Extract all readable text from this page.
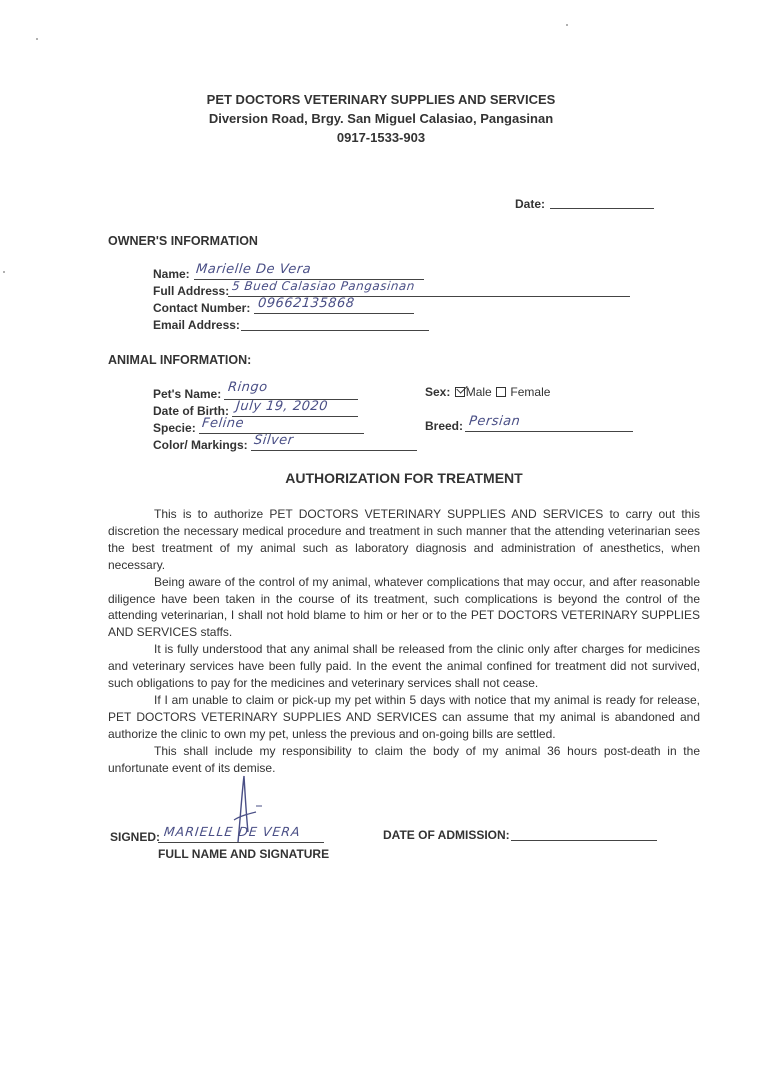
PET DOCTORS VETERINARY SUPPLIES AND SERVICES
Diversion Road, Brgy. San Miguel Calasiao, Pangasinan
0917-1533-903
Date:
OWNER'S INFORMATION
Name: Marielle De Vera
Full Address: 5 Bued Calasiao Pangasinan
Contact Number: 09662135868
Email Address:
ANIMAL INFORMATION:
Pet's Name: Ringo
Date of Birth: July 19, 2020
Specie: Feline
Color/ Markings: Silver
Sex: Male Female
Breed: Persian
AUTHORIZATION FOR TREATMENT

This is to authorize PET DOCTORS VETERINARY SUPPLIES AND SERVICES to carry out this discretion the necessary medical procedure and treatment in such manner that the attending veterinarian sees the best treatment of my animal such as laboratory diagnosis and administration of anesthetics, when necessary.

Being aware of the control of my animal, whatever complications that may occur, and after reasonable diligence have been taken in the course of its treatment, such complications is beyond the control of the attending veterinarian, I shall not hold blame to him or her or to the PET DOCTORS VETERINARY SUPPLIES AND SERVICES staffs.

It is fully understood that any animal shall be released from the clinic only after charges for medicines and veterinary services have been fully paid. In the event the animal confined for treatment did not survived, such obligations to pay for the medicines and veterinary services shall not cease.

If I am unable to claim or pick-up my pet within 5 days with notice that my animal is ready for release, PET DOCTORS VETERINARY SUPPLIES AND SERVICES can assume that my animal is abandoned and authorize the clinic to own my pet, unless the previous and on-going bills are settled.

This shall include my responsibility to claim the body of my animal 36 hours post-death in the unfortunate event of its demise.

SIGNED: MARIELLE DE VERA
FULL NAME AND SIGNATURE
DATE OF ADMISSION:
